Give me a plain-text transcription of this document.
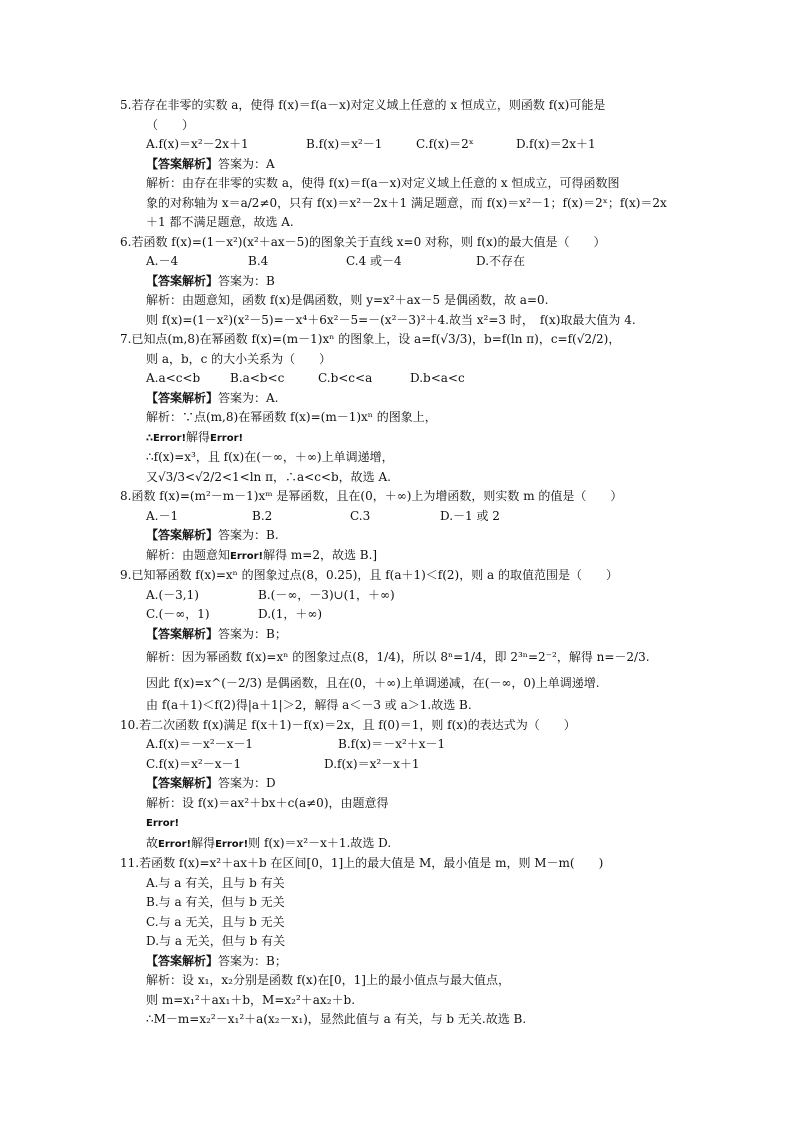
5.若存在非零的实数 a，使得 f(x)＝f(a－x)对定义域上任意的 x 恒成立，则函数 f(x)可能是
（　　）
A.f(x)＝x²－2x＋1	B.f(x)＝x²－1	C.f(x)＝2ˣ	D.f(x)＝2x＋1
【答案解析】答案为：A
解析：由存在非零的实数 a，使得 f(x)＝f(a－x)对定义域上任意的 x 恒成立，可得函数图
象的对称轴为 x＝a/2≠0，只有 f(x)＝x²－2x＋1 满足题意，而 f(x)＝x²－1；f(x)＝2ˣ；f(x)＝2x
＋1 都不满足题意，故选 A.
6.若函数 f(x)=(1－x²)(x²＋ax－5)的图象关于直线 x=0 对称，则 f(x)的最大值是（　　）
A.－4	B.4	C.4 或－4	D.不存在
【答案解析】答案为：B
解析：由题意知，函数 f(x)是偶函数，则 y=x²＋ax－5 是偶函数，故 a=0.
则 f(x)=(1－x²)(x²－5)=－x⁴＋6x²－5=－(x²－3)²＋4.故当 x²=3 时，　f(x)取最大值为 4.
7.已知点(m,8)在幂函数 f(x)=(m－1)xⁿ 的图象上，设 a=f(√3/3)，b=f(ln π)，c=f(√2/2)，
则 a，b，c 的大小关系为（　　）
A.a<c<b	B.a<b<c	C.b<c<a	D.b<a<c
【答案解析】答案为：A.
解析：∵点(m,8)在幂函数 f(x)=(m－1)xⁿ 的图象上，
∴Error!解得Error!
∴f(x)=x³，且 f(x)在(－∞，＋∞)上单调递增，
又√3/3<√2/2<1<ln π，∴a<c<b，故选 A.
8.函数 f(x)=(m²－m－1)xᵐ 是幂函数，且在(0，＋∞)上为增函数，则实数 m 的值是（　　）
A.－1	B.2	C.3	D.－1 或 2
【答案解析】答案为：B.
解析：由题意知Error!解得 m=2，故选 B.]
9.已知幂函数 f(x)=xⁿ 的图象过点(8，0.25)，且 f(a＋1)＜f(2)，则 a 的取值范围是（　　）
A.(－3,1)	B.(－∞，－3)∪(1，＋∞)
C.(－∞，1)	D.(1，＋∞)
【答案解析】答案为：B；
解析：因为幂函数 f(x)=xⁿ 的图象过点(8，1/4)，所以 8ⁿ=1/4，即 2³ⁿ=2⁻²，解得 n=－2/3.
因此 f(x)=x^(－2/3) 是偶函数，且在(0，＋∞)上单调递减，在(－∞，0)上单调递增.
由 f(a＋1)＜f(2)得|a＋1|＞2，解得 a＜－3 或 a＞1.故选 B.
10.若二次函数 f(x)满足 f(x＋1)－f(x)＝2x，且 f(0)＝1，则 f(x)的表达式为（　　）
A.f(x)＝－x²－x－1	B.f(x)＝－x²＋x－1
C.f(x)＝x²－x－1	D.f(x)＝x²－x＋1
【答案解析】答案为：D
解析：设 f(x)＝ax²＋bx＋c(a≠0)，由题意得
Error!
故Error!解得Error!则 f(x)＝x²－x＋1.故选 D.
11.若函数 f(x)=x²＋ax＋b 在区间[0，1]上的最大值是 M，最小值是 m，则 M－m(　　)
A.与 a 有关，且与 b 有关
B.与 a 有关，但与 b 无关
C.与 a 无关，且与 b 无关
D.与 a 无关，但与 b 有关
【答案解析】答案为：B；
解析：设 x₁，x₂分别是函数 f(x)在[0，1]上的最小值点与最大值点，
则 m=x₁²＋ax₁＋b，M=x₂²＋ax₂＋b.
∴M－m=x₂²－x₁²＋a(x₂－x₁)，显然此值与 a 有关，与 b 无关.故选 B.
